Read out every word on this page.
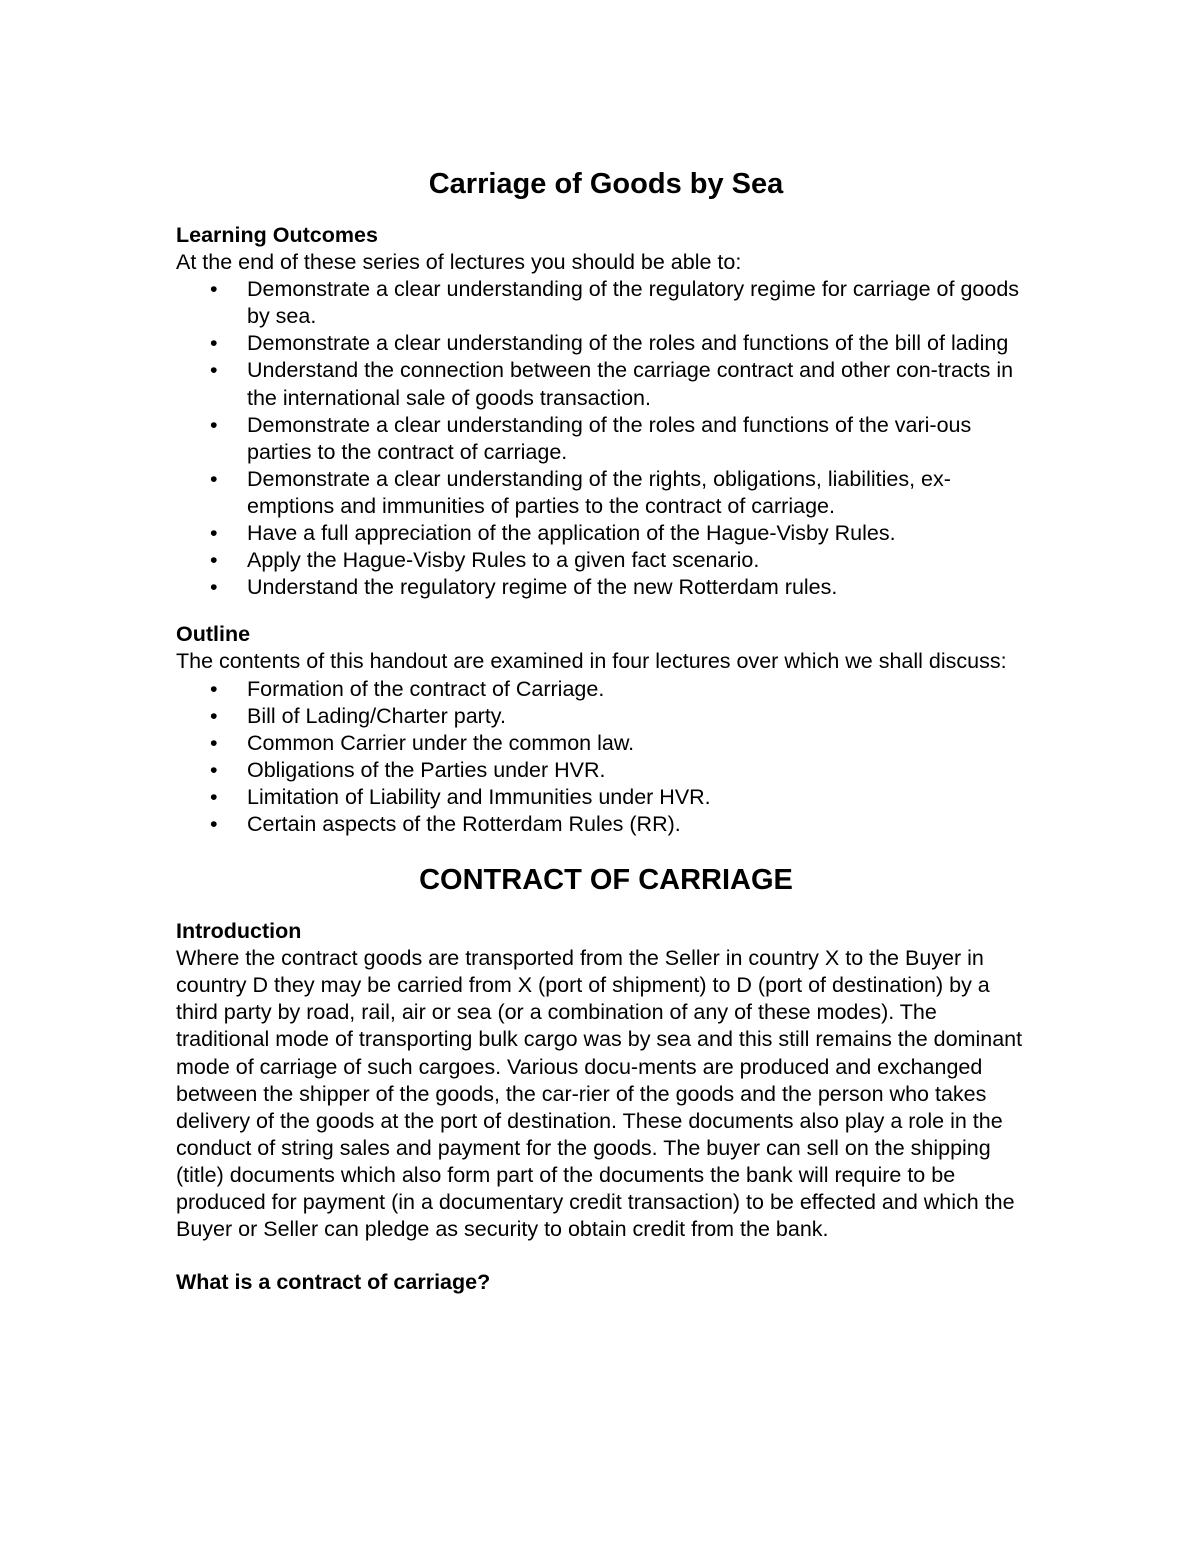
Carriage of Goods by Sea
Learning Outcomes

At the end of these series of lectures you should be able to:

• Demonstrate a clear understanding of the regulatory regime for carriage of goods by sea.
• Demonstrate a clear understanding of the roles and functions of the bill of lading
• Understand the connection between the carriage contract and other con-tracts in the international sale of goods transaction.
• Demonstrate a clear understanding of the roles and functions of the vari-ous parties to the contract of carriage.
• Demonstrate a clear understanding of the rights, obligations, liabilities, ex-emptions and immunities of parties to the contract of carriage.
• Have a full appreciation of the application of the Hague-Visby Rules.
• Apply the Hague-Visby Rules to a given fact scenario.
• Understand the regulatory regime of the new Rotterdam rules.
Outline

The contents of this handout are examined in four lectures over which we shall discuss:

• Formation of the contract of Carriage.
• Bill of Lading/Charter party.
• Common Carrier under the common law.
• Obligations of the Parties under HVR.
• Limitation of Liability and Immunities under HVR.
• Certain aspects of the Rotterdam Rules (RR).
CONTRACT OF CARRIAGE
Introduction

Where the contract goods are transported from the Seller in country X to the Buyer in country D they may be carried from X (port of shipment) to D (port of destination) by a third party by road, rail, air or sea (or a combination of any of these modes). The traditional mode of transporting bulk cargo was by sea and this still remains the dominant mode of carriage of such cargoes. Various docu-ments are produced and exchanged between the shipper of the goods, the car-rier of the goods and the person who takes delivery of the goods at the port of destination. These documents also play a role in the conduct of string sales and payment for the goods. The buyer can sell on the shipping (title) documents which also form part of the documents the bank will require to be produced for payment (in a documentary credit transaction) to be effected and which the Buyer or Seller can pledge as security to obtain credit from the bank.

What is a contract of carriage?
